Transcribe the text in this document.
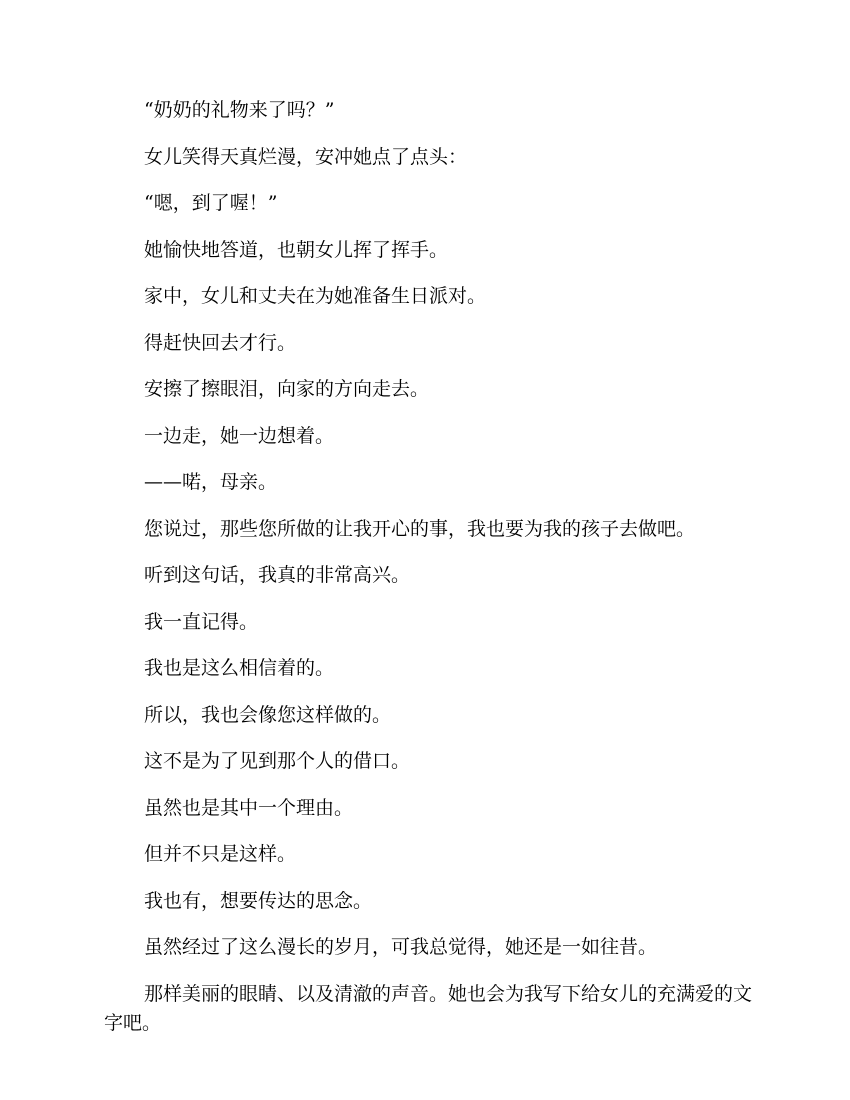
“奶奶的礼物来了吗？”

女儿笑得天真烂漫，安冲她点了点头：

“嗯，到了喔！”

她愉快地答道，也朝女儿挥了挥手。

家中，女儿和丈夫在为她准备生日派对。

得赶快回去才行。

安擦了擦眼泪，向家的方向走去。

一边走，她一边想着。

——喏，母亲。

您说过，那些您所做的让我开心的事，我也要为我的孩子去做吧。

听到这句话，我真的非常高兴。

我一直记得。

我也是这么相信着的。

所以，我也会像您这样做的。

这不是为了见到那个人的借口。

虽然也是其中一个理由。

但并不只是这样。

我也有，想要传达的思念。

虽然经过了这么漫长的岁月，可我总觉得，她还是一如往昔。

那样美丽的眼睛、以及清澈的声音。她也会为我写下给女儿的充满爱的文字吧。
